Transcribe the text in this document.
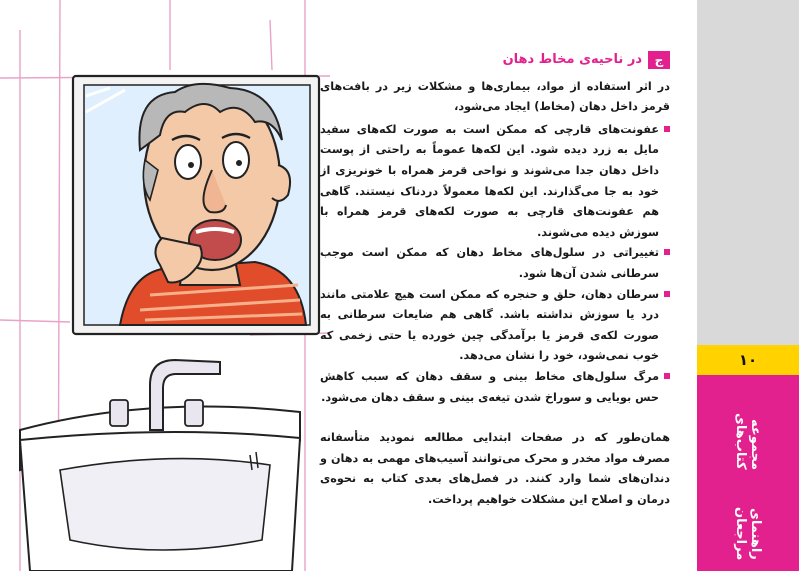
ج
در ناحیه‌ی مخاط دهان

در اثر استفاده از مواد، بیماری‌ها و مشکلات زیر در بافت‌های قرمز داخل دهان (مخاط) ایجاد می‌شود،

عفونت‌های قارچی که ممکن است به صورت لکه‌های سفید مایل به زرد دیده شود. این لکه‌ها عموماً به راحتی از پوست داخل دهان جدا می‌شوند و نواحی قرمز همراه با خونریزی از خود به جا می‌گذارند. این لکه‌ها معمولاً دردناک نیستند. گاهی هم عفونت‌های قارچی به صورت لکه‌های قرمز همراه با سوزش دیده می‌شوند.
تغییراتی در سلول‌های مخاط دهان که ممکن است موجب سرطانی شدن آن‌ها شود.
سرطان دهان، حلق و حنجره که ممکن است هیچ علامتی مانند درد یا سوزش نداشته باشد. گاهی هم ضایعات سرطانی به صورت لکه‌ی قرمز یا برآمدگی چین خورده یا حتی زخمی که خوب نمی‌شود، خود را نشان می‌دهد.
مرگ سلول‌های مخاط بینی و سقف دهان که سبب کاهش حس بویایی و سوراخ شدن تیغه‌ی بینی و سقف دهان می‌شود.

همان‌طور که در صفحات ابتدایی مطالعه نمودید متأسفانه مصرف مواد مخدر و محرک می‌توانند آسیب‌های مهمی به دهان و دندان‌های شما وارد کنند. در فصل‌های بعدی کتاب به نحوه‌ی درمان و اصلاح این مشکلات خواهیم پرداخت.

۱۰
مجموعه کتاب‌های
راهنمای مراجعان
